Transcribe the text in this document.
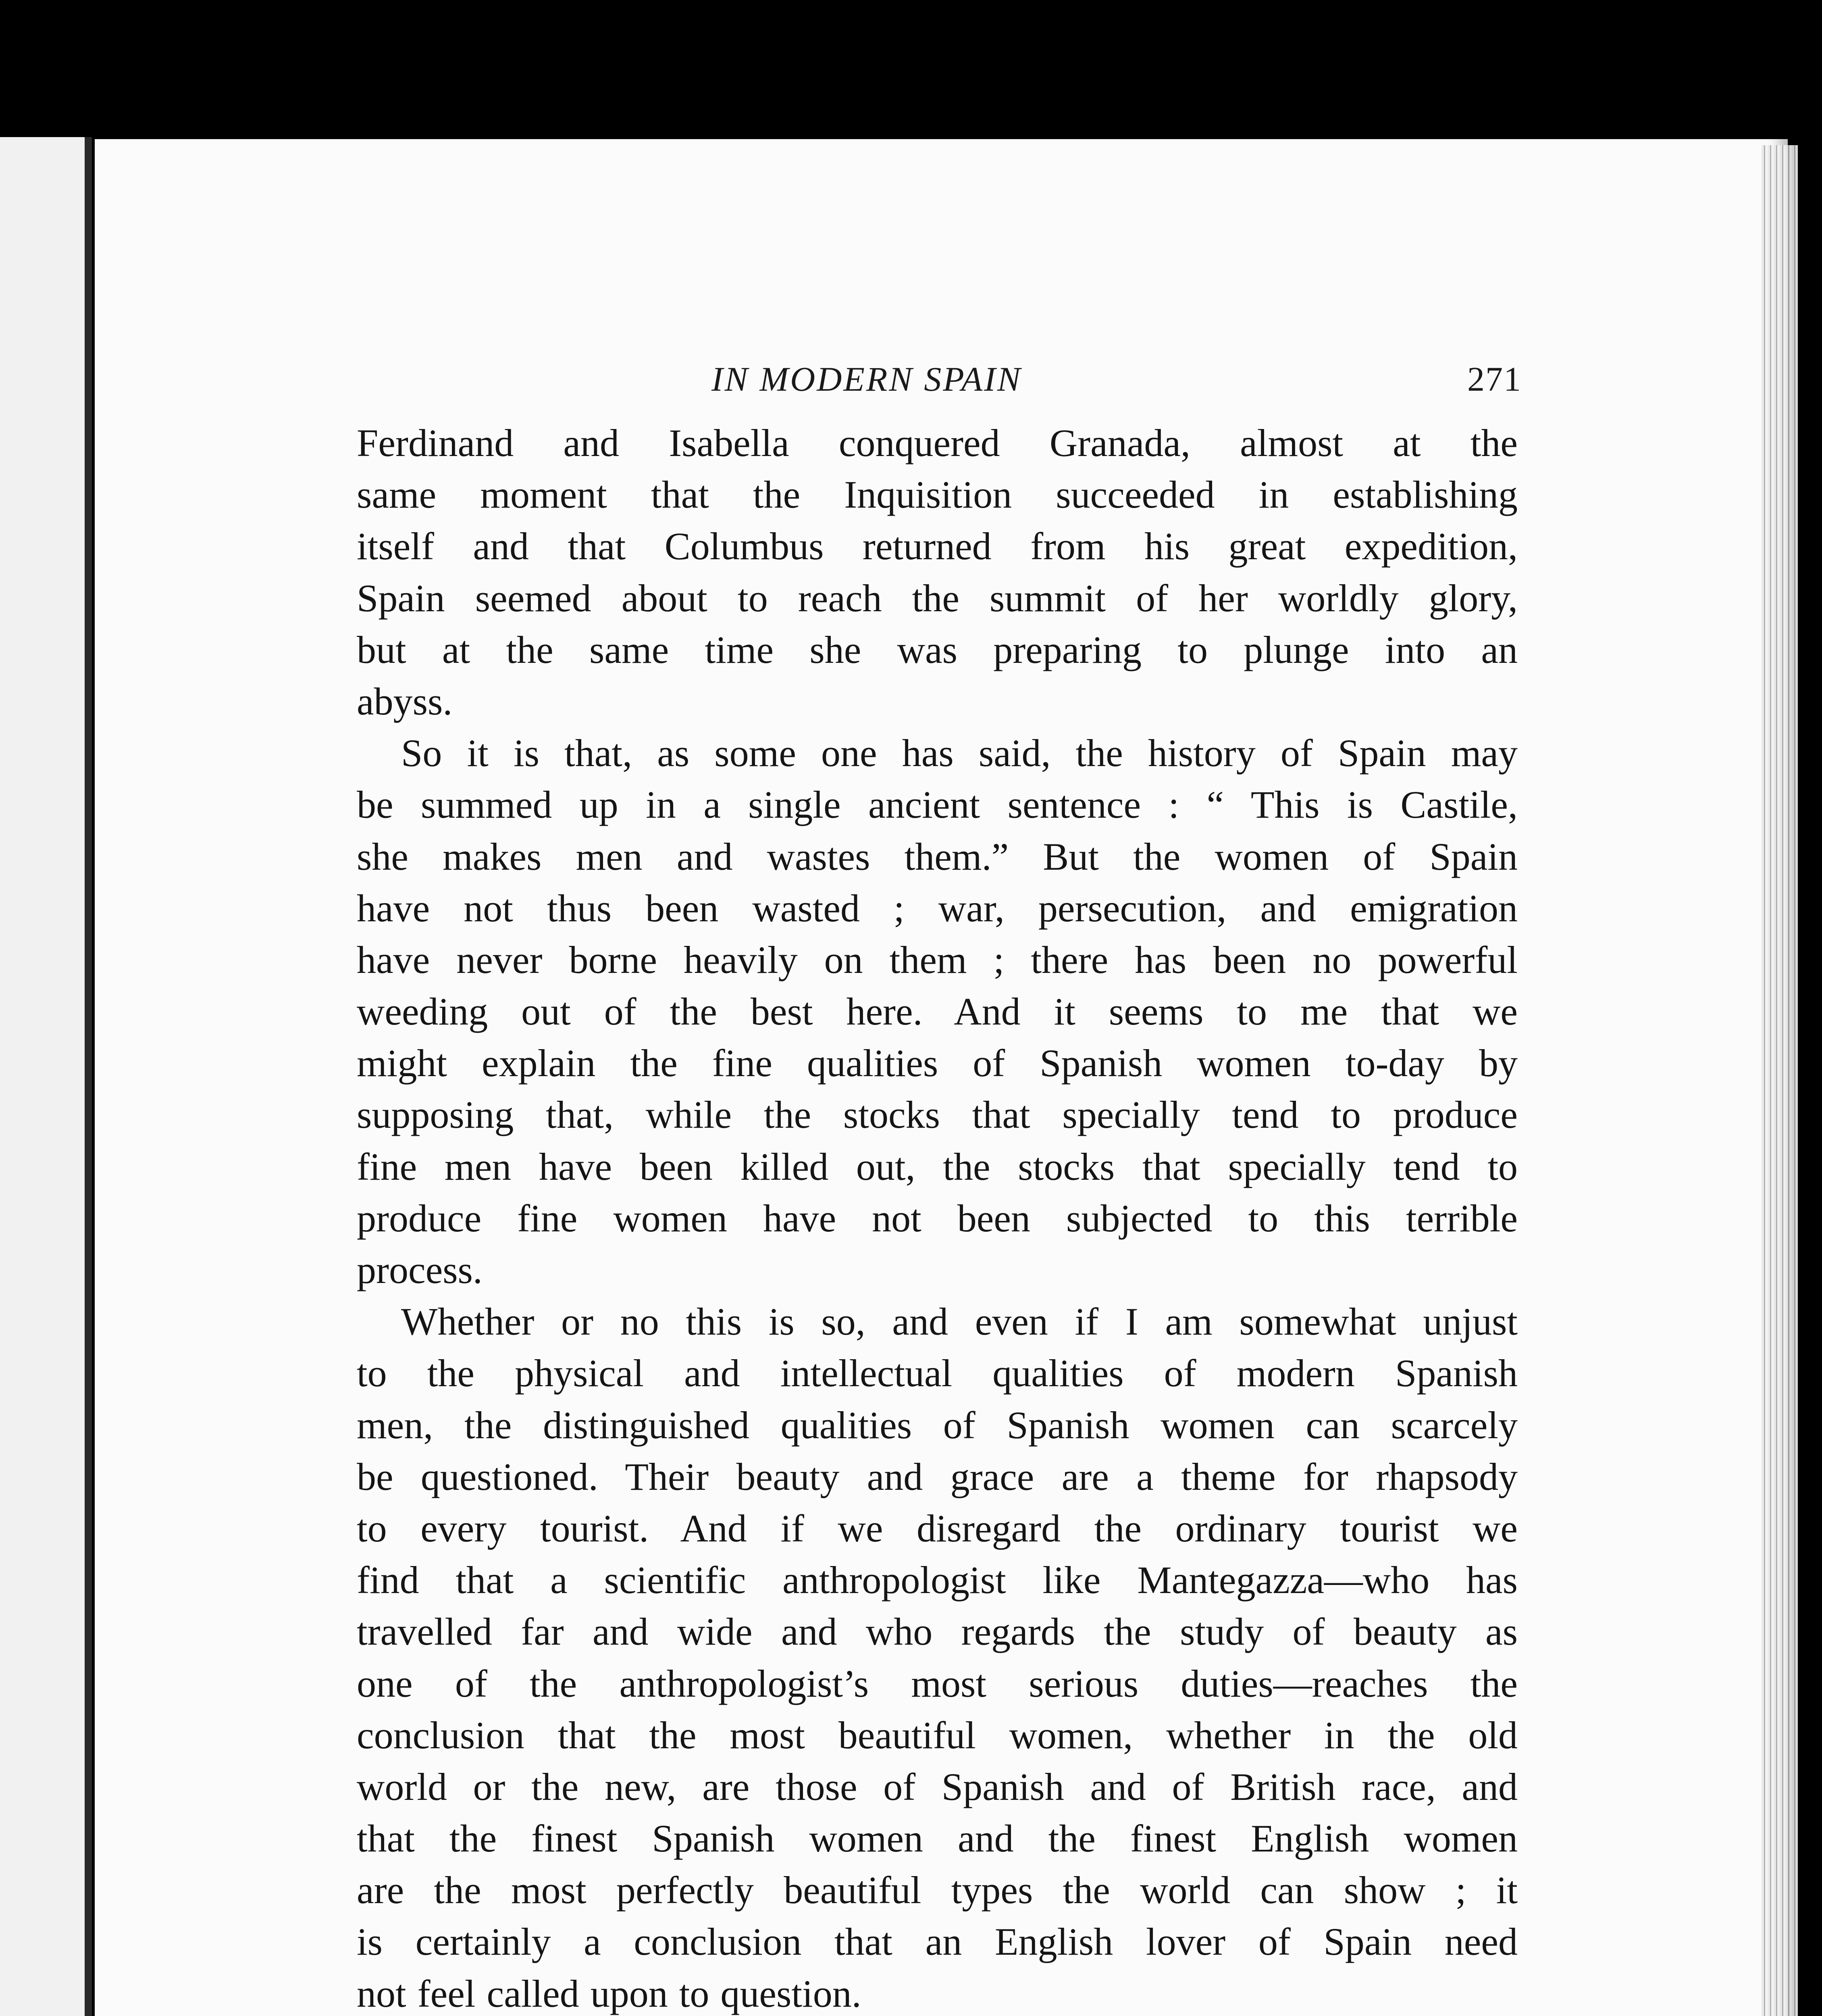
IN MODERN SPAIN	271
Ferdinand and Isabella conquered Granada, almost at the
same moment that the Inquisition succeeded in establishing
itself and that Columbus returned from his great expedition,
Spain seemed about to reach the summit of her worldly glory,
but at the same time she was preparing to plunge into an
abyss.
So it is that, as some one has said, the history of Spain may
be summed up in a single ancient sentence : “ This is Castile,
she makes men and wastes them.” But the women of Spain
have not thus been wasted ; war, persecution, and emigration
have never borne heavily on them ; there has been no powerful
weeding out of the best here. And it seems to me that we
might explain the fine qualities of Spanish women to-day by
supposing that, while the stocks that specially tend to produce
fine men have been killed out, the stocks that specially tend to
produce fine women have not been subjected to this terrible
process.
Whether or no this is so, and even if I am somewhat unjust
to the physical and intellectual qualities of modern Spanish
men, the distinguished qualities of Spanish women can scarcely
be questioned. Their beauty and grace are a theme for rhapsody
to every tourist. And if we disregard the ordinary tourist we
find that a scientific anthropologist like Mantegazza—who has
travelled far and wide and who regards the study of beauty as
one of the anthropologist’s most serious duties—reaches the
conclusion that the most beautiful women, whether in the old
world or the new, are those of Spanish and of British race, and
that the finest Spanish women and the finest English women
are the most perfectly beautiful types the world can show ; it
is certainly a conclusion that an English lover of Spain need
not feel called upon to question.
